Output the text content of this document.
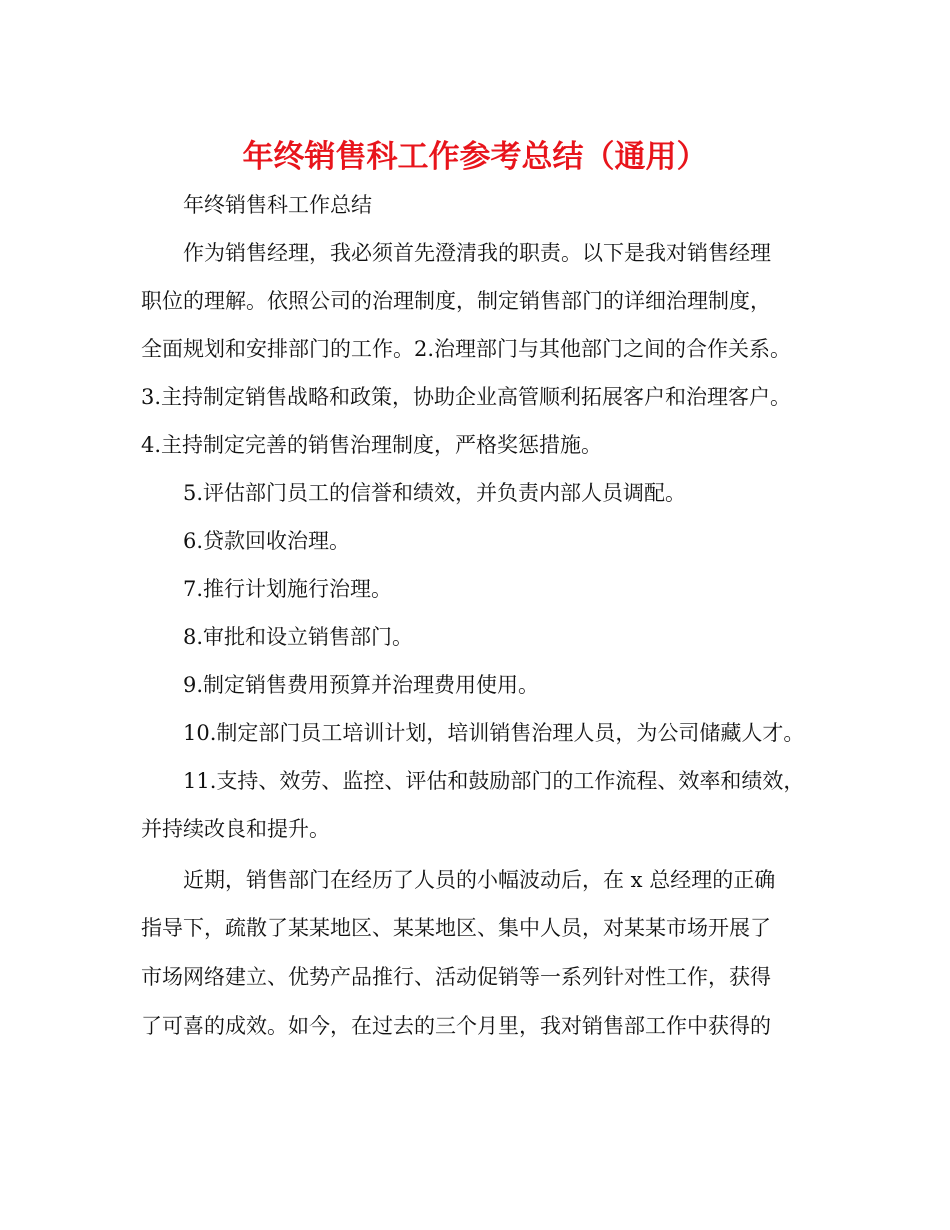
年终销售科工作参考总结（通用）
年终销售科工作总结
作为销售经理，我必须首先澄清我的职责。以下是我对销售经理
职位的理解。依照公司的治理制度，制定销售部门的详细治理制度，
全面规划和安排部门的工作。2.治理部门与其他部门之间的合作关系。
3.主持制定销售战略和政策，协助企业高管顺利拓展客户和治理客户。
4.主持制定完善的销售治理制度，严格奖惩措施。
5.评估部门员工的信誉和绩效，并负责内部人员调配。
6.贷款回收治理。
7.推行计划施行治理。
8.审批和设立销售部门。
9.制定销售费用预算并治理费用使用。
10.制定部门员工培训计划，培训销售治理人员，为公司储藏人才。
11.支持、效劳、监控、评估和鼓励部门的工作流程、效率和绩效，
并持续改良和提升。
近期，销售部门在经历了人员的小幅波动后，在 x 总经理的正确
指导下，疏散了某某地区、某某地区、集中人员，对某某市场开展了
市场网络建立、优势产品推行、活动促销等一系列针对性工作，获得
了可喜的成效。如今，在过去的三个月里，我对销售部工作中获得的
